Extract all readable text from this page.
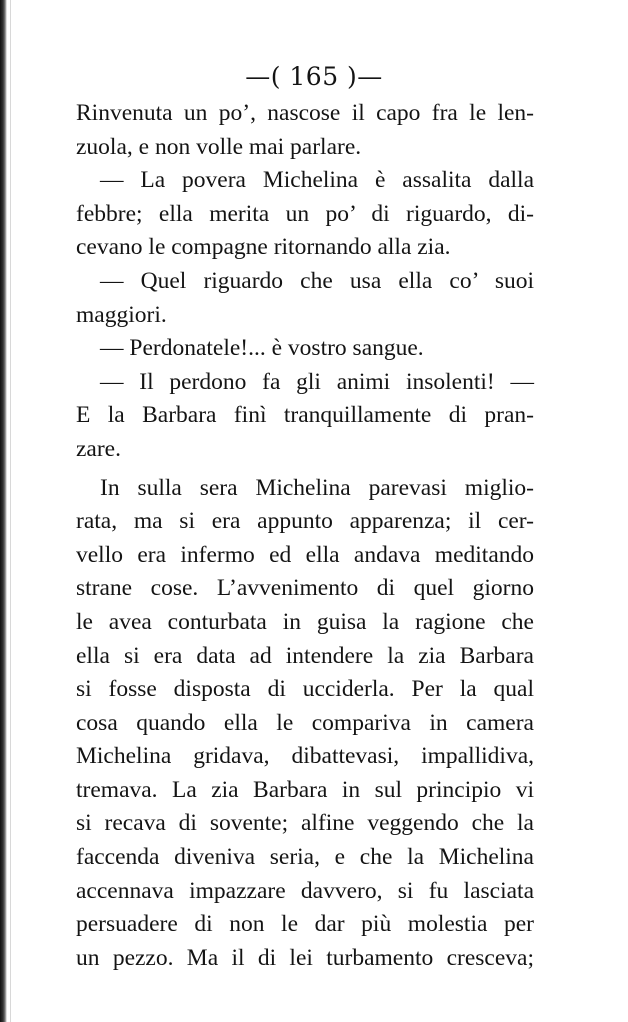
—( 165 )—
Rinvenuta un po’, nascose il capo fra le len-
zuola, e non volle mai parlare.
— La povera Michelina è assalita dalla
febbre; ella merita un po’ di riguardo, di-
cevano le compagne ritornando alla zia.
— Quel riguardo che usa ella co’ suoi
maggiori.
— Perdonatele!... è vostro sangue.
— Il perdono fa gli animi insolenti! —
E la Barbara finì tranquillamente di pran-
zare.
In sulla sera Michelina parevasi miglio-
rata, ma si era appunto apparenza; il cer-
vello era infermo ed ella andava meditando
strane cose. L’avvenimento di quel giorno
le avea conturbata in guisa la ragione che
ella si era data ad intendere la zia Barbara
si fosse disposta di ucciderla. Per la qual
cosa quando ella le compariva in camera
Michelina gridava, dibattevasi, impallidiva,
tremava. La zia Barbara in sul principio vi
si recava di sovente; alfine veggendo che la
faccenda diveniva seria, e che la Michelina
accennava impazzare davvero, si fu lasciata
persuadere di non le dar più molestia per
un pezzo. Ma il di lei turbamento cresceva;
